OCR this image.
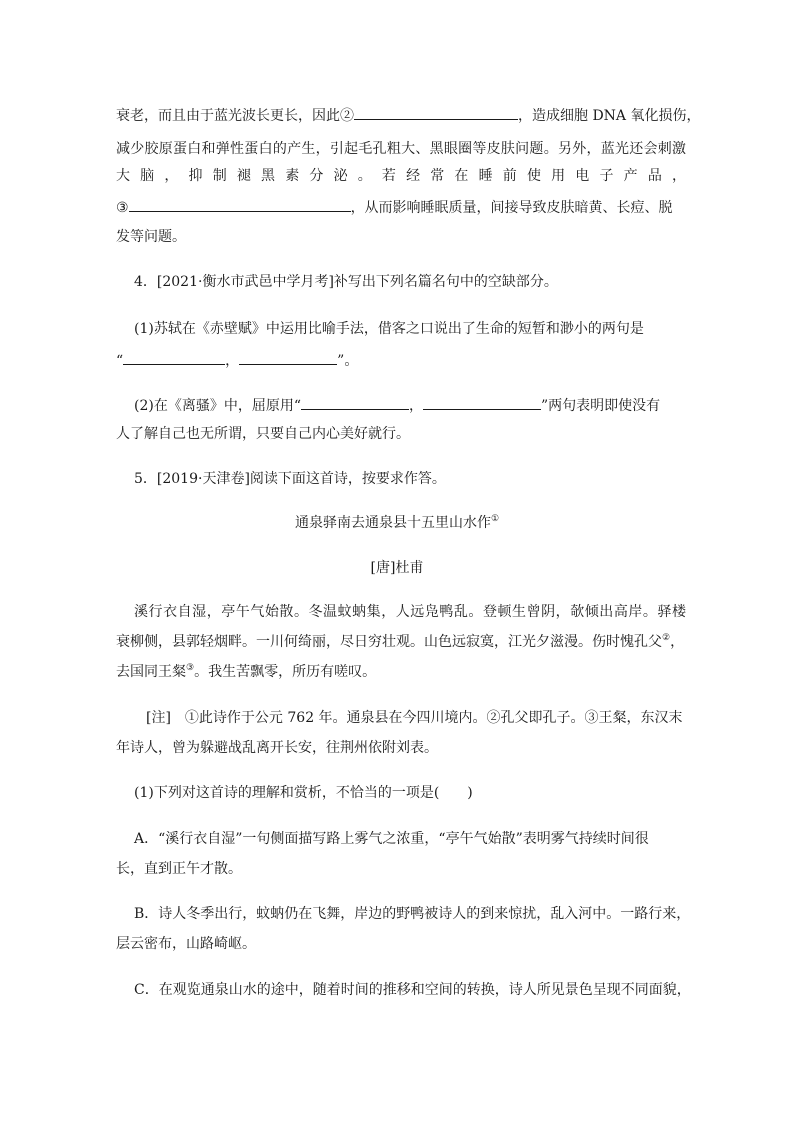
衰老，而且由于蓝光波长更长，因此②	，造成细胞 DNA 氧化损伤，
减少胶原蛋白和弹性蛋白的产生，引起毛孔粗大、黑眼圈等皮肤问题。另外，蓝光还会刺激
大脑，抑制褪黑素分泌。若经常在睡前使用电子产品，
③	，从而影响睡眠质量，间接导致皮肤暗黄、长痘、脱
发等问题。
4．[2021·衡水市武邑中学月考]补写出下列名篇名句中的空缺部分。
(1)苏轼在《赤壁赋》中运用比喻手法，借客之口说出了生命的短暂和渺小的两句是
“	，	”。
(2)在《离骚》中，屈原用“	，	”两句表明即使没有
人了解自己也无所谓，只要自己内心美好就行。
5．[2019·天津卷]阅读下面这首诗，按要求作答。
通泉驿南去通泉县十五里山水作①
[唐]杜甫
溪行衣自湿，亭午气始散。冬温蚊蚋集，人远凫鸭乱。登顿生曾阴，欹倾出高岸。驿楼
衰柳侧，县郭轻烟畔。一川何绮丽，尽日穷壮观。山色远寂寞，江光夕滋漫。伤时愧孔父②，
去国同王粲③。我生苦飘零，所历有嗟叹。
[注]　①此诗作于公元 762 年。通泉县在今四川境内。②孔父即孔子。③王粲，东汉末
年诗人，曾为躲避战乱离开长安，往荆州依附刘表。
(1)下列对这首诗的理解和赏析，不恰当的一项是(　　)
A．“溪行衣自湿”一句侧面描写路上雾气之浓重，“亭午气始散”表明雾气持续时间很
长，直到正午才散。
B．诗人冬季出行，蚊蚋仍在飞舞，岸边的野鸭被诗人的到来惊扰，乱入河中。一路行来，
层云密布，山路崎岖。
C．在观览通泉山水的途中，随着时间的推移和空间的转换，诗人所见景色呈现不同面貌，
